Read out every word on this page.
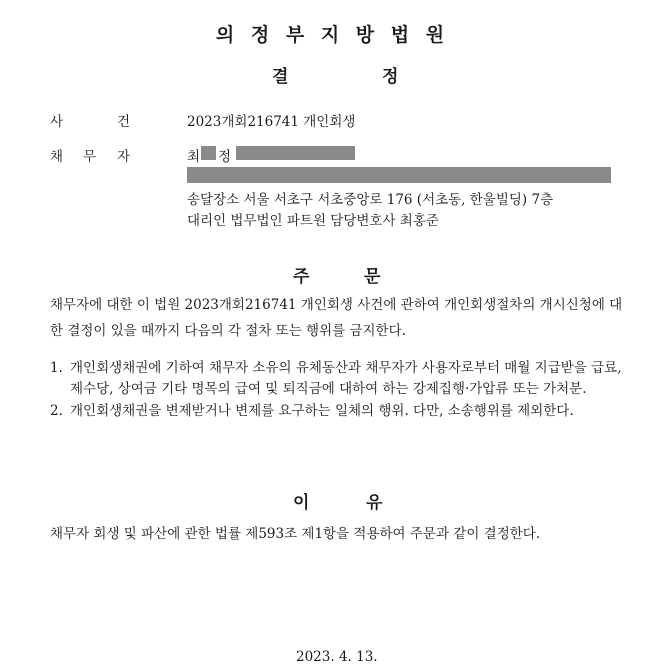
의 정 부 지 방 법 원
결	정
사	건	2023개회216741 개인회생
채 무 자	최 정
송달장소 서울 서초구 서초중앙로 176 (서초동, 한울빌딩) 7층
대리인 법무법인 파트원 담당변호사 최홍준
주	문
채무자에 대한 이 법원 2023개회216741 개인회생 사건에 관하여 개인회생절차의 개시신청에 대한 결정이 있을 때까지 다음의 각 절차 또는 행위를 금지한다.
1. 개인회생채권에 기하여 채무자 소유의 유체동산과 채무자가 사용자로부터 매월 지급받을 급료, 제수당, 상여금 기타 명목의 급여 및 퇴직금에 대하여 하는 강제집행·가압류 또는 가처분.
2. 개인회생채권을 변제받거나 변제를 요구하는 일체의 행위. 다만, 소송행위를 제외한다.
이	유
채무자 회생 및 파산에 관한 법률 제593조 제1항을 적용하여 주문과 같이 결정한다.
2023. 4. 13.
